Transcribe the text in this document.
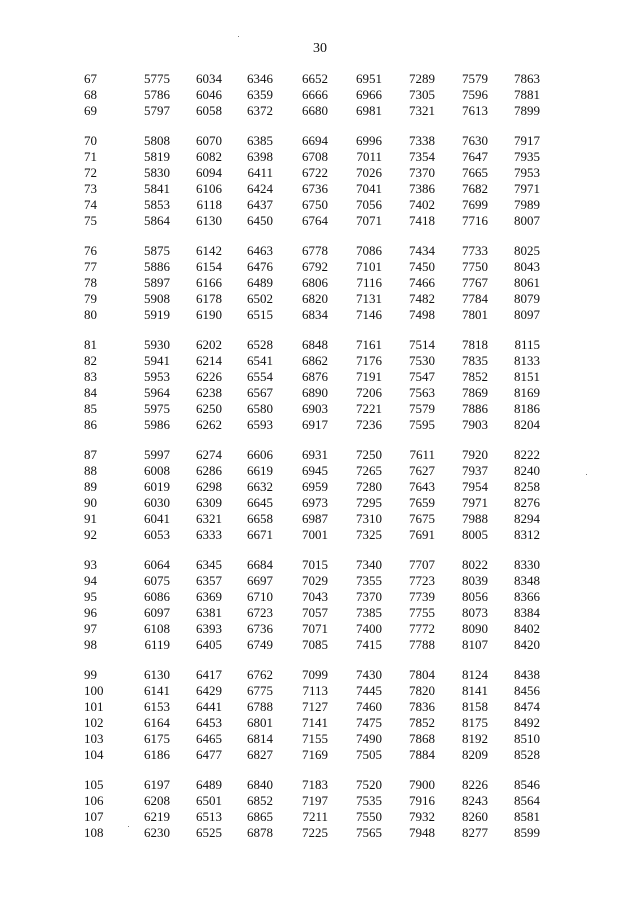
30
67	5775	6034	6346	6652	6951	7289	7579	7863
68	5786	6046	6359	6666	6966	7305	7596	7881
69	5797	6058	6372	6680	6981	7321	7613	7899
70	5808	6070	6385	6694	6996	7338	7630	7917
71	5819	6082	6398	6708	7011	7354	7647	7935
72	5830	6094	6411	6722	7026	7370	7665	7953
73	5841	6106	6424	6736	7041	7386	7682	7971
74	5853	6118	6437	6750	7056	7402	7699	7989
75	5864	6130	6450	6764	7071	7418	7716	8007
76	5875	6142	6463	6778	7086	7434	7733	8025
77	5886	6154	6476	6792	7101	7450	7750	8043
78	5897	6166	6489	6806	7116	7466	7767	8061
79	5908	6178	6502	6820	7131	7482	7784	8079
80	5919	6190	6515	6834	7146	7498	7801	8097
81	5930	6202	6528	6848	7161	7514	7818	8115
82	5941	6214	6541	6862	7176	7530	7835	8133
83	5953	6226	6554	6876	7191	7547	7852	8151
84	5964	6238	6567	6890	7206	7563	7869	8169
85	5975	6250	6580	6903	7221	7579	7886	8186
86	5986	6262	6593	6917	7236	7595	7903	8204
87	5997	6274	6606	6931	7250	7611	7920	8222
88	6008	6286	6619	6945	7265	7627	7937	8240
89	6019	6298	6632	6959	7280	7643	7954	8258
90	6030	6309	6645	6973	7295	7659	7971	8276
91	6041	6321	6658	6987	7310	7675	7988	8294
92	6053	6333	6671	7001	7325	7691	8005	8312
93	6064	6345	6684	7015	7340	7707	8022	8330
94	6075	6357	6697	7029	7355	7723	8039	8348
95	6086	6369	6710	7043	7370	7739	8056	8366
96	6097	6381	6723	7057	7385	7755	8073	8384
97	6108	6393	6736	7071	7400	7772	8090	8402
98	6119	6405	6749	7085	7415	7788	8107	8420
99	6130	6417	6762	7099	7430	7804	8124	8438
100	6141	6429	6775	7113	7445	7820	8141	8456
101	6153	6441	6788	7127	7460	7836	8158	8474
102	6164	6453	6801	7141	7475	7852	8175	8492
103	6175	6465	6814	7155	7490	7868	8192	8510
104	6186	6477	6827	7169	7505	7884	8209	8528
105	6197	6489	6840	7183	7520	7900	8226	8546
106	6208	6501	6852	7197	7535	7916	8243	8564
107	6219	6513	6865	7211	7550	7932	8260	8581
108	6230	6525	6878	7225	7565	7948	8277	8599
